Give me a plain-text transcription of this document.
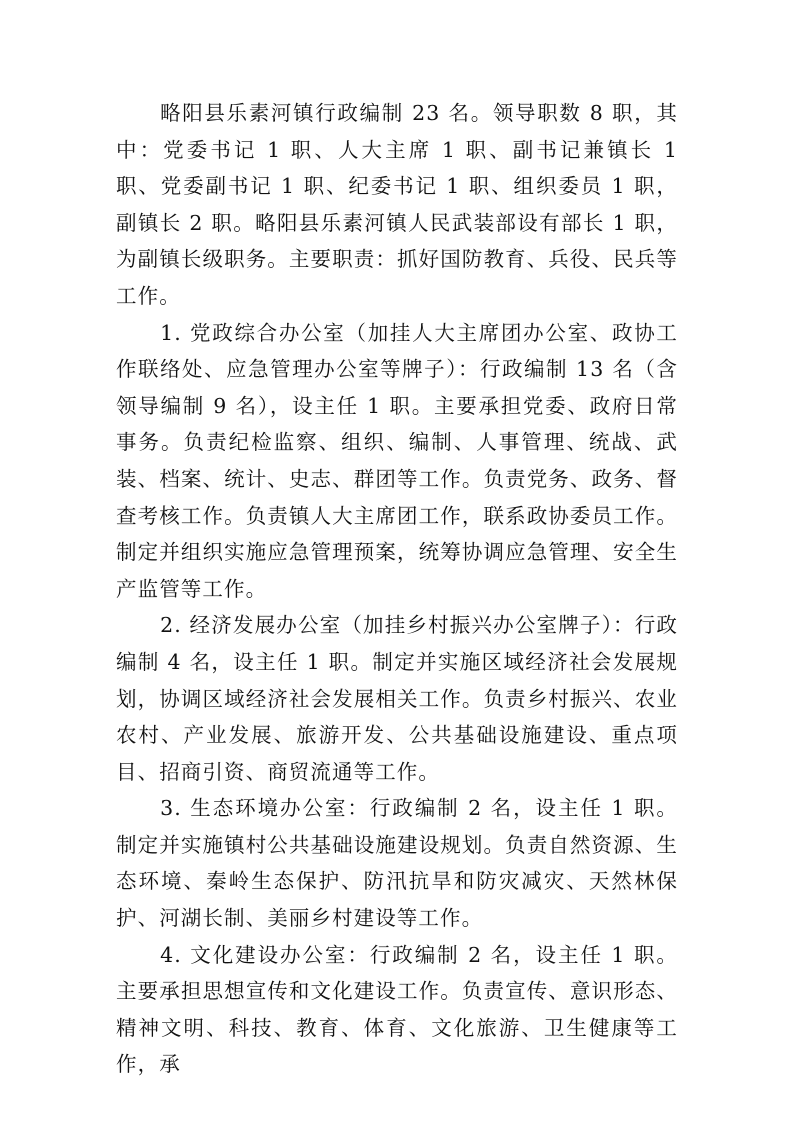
略阳县乐素河镇行政编制 23 名。领导职数 8 职，其中：党委书记 1 职、人大主席 1 职、副书记兼镇长 1 职、党委副书记 1 职、纪委书记 1 职、组织委员 1 职，副镇长 2 职。略阳县乐素河镇人民武装部设有部长 1 职，为副镇长级职务。主要职责：抓好国防教育、兵役、民兵等工作。

1. 党政综合办公室（加挂人大主席团办公室、政协工作联络处、应急管理办公室等牌子）：行政编制 13 名（含领导编制 9 名），设主任 1 职。主要承担党委、政府日常事务。负责纪检监察、组织、编制、人事管理、统战、武装、档案、统计、史志、群团等工作。负责党务、政务、督查考核工作。负责镇人大主席团工作，联系政协委员工作。制定并组织实施应急管理预案，统筹协调应急管理、安全生产监管等工作。

2. 经济发展办公室（加挂乡村振兴办公室牌子）：行政编制 4 名，设主任 1 职。制定并实施区域经济社会发展规划，协调区域经济社会发展相关工作。负责乡村振兴、农业农村、产业发展、旅游开发、公共基础设施建设、重点项目、招商引资、商贸流通等工作。

3. 生态环境办公室：行政编制 2 名，设主任 1 职。制定并实施镇村公共基础设施建设规划。负责自然资源、生态环境、秦岭生态保护、防汛抗旱和防灾减灾、天然林保护、河湖长制、美丽乡村建设等工作。

4. 文化建设办公室：行政编制 2 名，设主任 1 职。主要承担思想宣传和文化建设工作。负责宣传、意识形态、精神文明、科技、教育、体育、文化旅游、卫生健康等工作，承
